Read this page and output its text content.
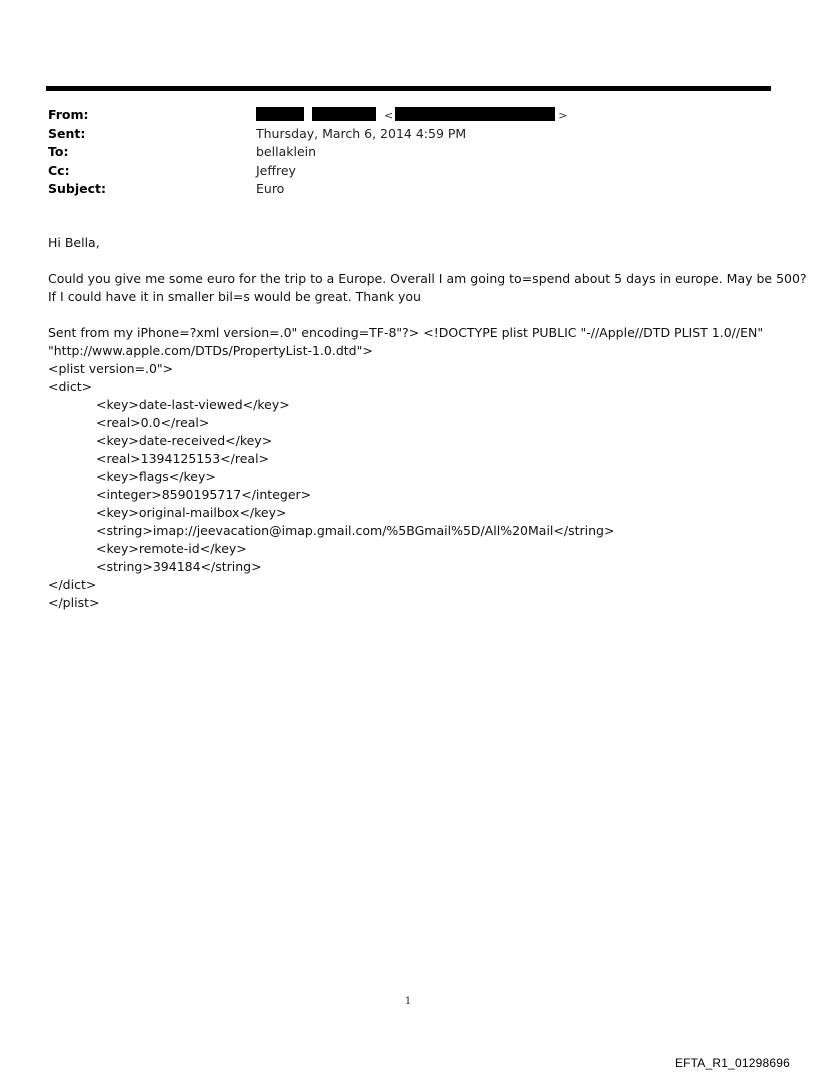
From:	<	>
Sent:	Thursday, March 6, 2014 4:59 PM
To:	bellaklein
Cc:	Jeffrey
Subject:	Euro
Hi Bella,
Could you give me some euro for the trip to a Europe. Overall I am going to=spend about 5 days in europe. May be 500?
If I could have it in smaller bil=s would be great. Thank you
Sent from my iPhone=?xml version=.0" encoding=TF-8"?> <!DOCTYPE plist PUBLIC "-//Apple//DTD PLIST 1.0//EN"
"http://www.apple.com/DTDs/PropertyList-1.0.dtd">
<plist version=.0">
<dict>
<key>date-last-viewed</key>
<real>0.0</real>
<key>date-received</key>
<real>1394125153</real>
<key>flags</key>
<integer>8590195717</integer>
<key>original-mailbox</key>
<string>imap://jeevacation@imap.gmail.com/%5BGmail%5D/All%20Mail</string>
<key>remote-id</key>
<string>394184</string>
</dict>
</plist>
1
EFTA_R1_01298696
